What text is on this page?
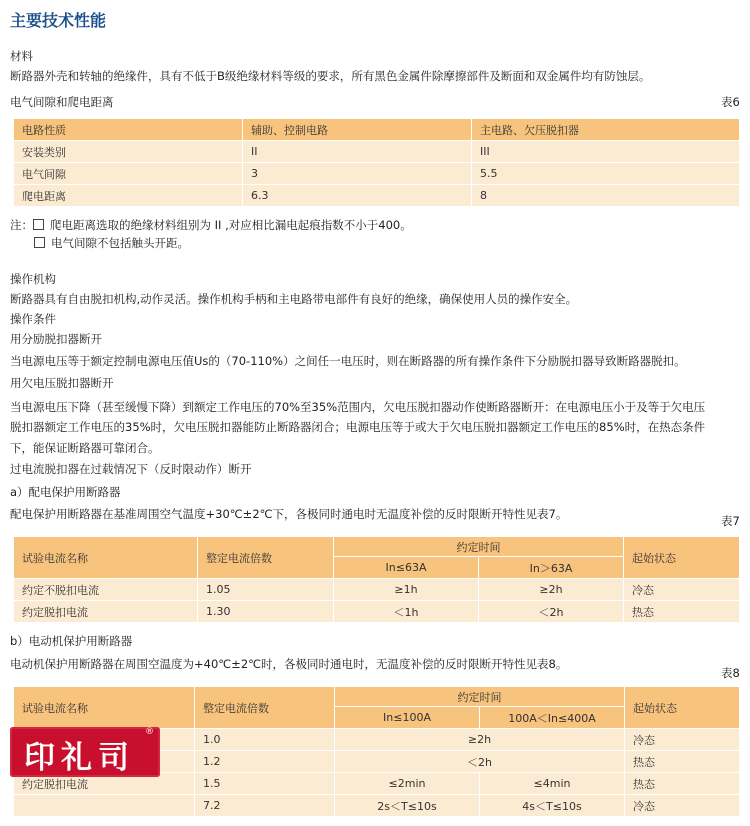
主要技术性能
材料
断路器外壳和转轴的绝缘件，具有不低于B级绝缘材料等级的要求，所有黑色金属件除摩擦部件及断面和双金属件均有防蚀层。
电气间隙和爬电距离	表6
电路性质	辅助、控制电路	主电路、欠压脱扣器
安装类别	II	III
电气间隙	3	5.5
爬电距离	6.3	8
注： 爬电距离选取的绝缘材料组别为 II ,对应相比漏电起痕指数不小于400。
电气间隙不包括触头开距。
操作机构
断路器具有自由脱扣机构,动作灵活。操作机构手柄和主电路带电部件有良好的绝缘，确保使用人员的操作安全。
操作条件
用分励脱扣器断开
当电源电压等于额定控制电源电压值Us的（70-110%）之间任一电压时，则在断路器的所有操作条件下分励脱扣器导致断路器脱扣。
用欠电压脱扣器断开
当电源电压下降（甚至缓慢下降）到额定工作电压的70%至35%范围内，欠电压脱扣器动作使断路器断开：在电源电压小于及等于欠电压
脱扣器额定工作电压的35%时，欠电压脱扣器能防止断路器闭合；电源电压等于或大于欠电压脱扣器额定工作电压的85%时，在热态条件
下，能保证断路器可靠闭合。
过电流脱扣器在过载情况下（反时限动作）断开
a）配电保护用断路器
配电保护用断路器在基准周围空气温度+30℃±2℃下，各极同时通电时无温度补偿的反时限断开特性见表7。	表7
试验电流名称	整定电流倍数	约定时间		起始状态
		In≤63A	In＞63A	
约定不脱扣电流	1.05	≥1h	≥2h	冷态
约定脱扣电流	1.30	＜1h	＜2h	热态
b）电动机保护用断路器
电动机保护用断路器在周围空温度为+40℃±2℃时，各极同时通电时，无温度补偿的反时限断开特性见表8。
表8
试验电流名称	整定电流倍数	约定时间		起始状态
		In≤100A	100A＜In≤400A	
	1.0	≥2h		冷态
	1.2	＜2h		热态
约定脱扣电流	1.5	≤2min	≤4min	热态
	7.2	2s＜T≤10s	4s＜T≤10s	冷态
印礼司
®
